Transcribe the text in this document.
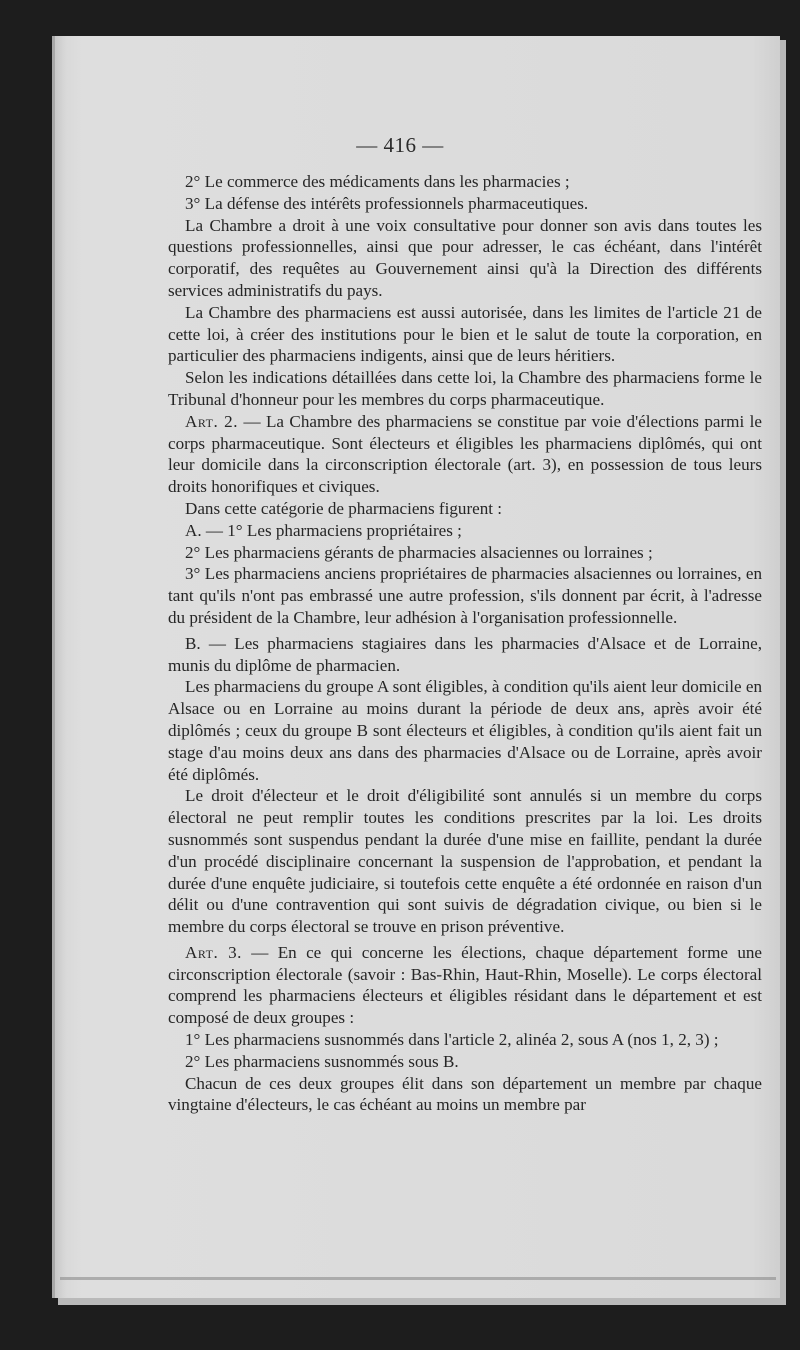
— 416 —

2° Le commerce des médicaments dans les pharmacies ;

3° La défense des intérêts professionnels pharmaceutiques.

La Chambre a droit à une voix consultative pour donner son avis dans toutes les questions professionnelles, ainsi que pour adresser, le cas échéant, dans l'intérêt corporatif, des requêtes au Gouvernement ainsi qu'à la Direction des différents services administratifs du pays.

La Chambre des pharmaciens est aussi autorisée, dans les limites de l'article 21 de cette loi, à créer des institutions pour le bien et le salut de toute la corporation, en particulier des pharmaciens indigents, ainsi que de leurs héritiers.

Selon les indications détaillées dans cette loi, la Chambre des pharmaciens forme le Tribunal d'honneur pour les membres du corps pharmaceutique.

Art. 2. — La Chambre des pharmaciens se constitue par voie d'élections parmi le corps pharmaceutique. Sont électeurs et éligibles les pharmaciens diplômés, qui ont leur domicile dans la circonscription électorale (art. 3), en possession de tous leurs droits honorifiques et civiques.

Dans cette catégorie de pharmaciens figurent :

A. — 1° Les pharmaciens propriétaires ;

2° Les pharmaciens gérants de pharmacies alsaciennes ou lorraines ;

3° Les pharmaciens anciens propriétaires de pharmacies alsaciennes ou lorraines, en tant qu'ils n'ont pas embrassé une autre profession, s'ils donnent par écrit, à l'adresse du président de la Chambre, leur adhésion à l'organisation professionnelle.

B. — Les pharmaciens stagiaires dans les pharmacies d'Alsace et de Lorraine, munis du diplôme de pharmacien.

Les pharmaciens du groupe A sont éligibles, à condition qu'ils aient leur domicile en Alsace ou en Lorraine au moins durant la période de deux ans, après avoir été diplômés ; ceux du groupe B sont électeurs et éligibles, à condition qu'ils aient fait un stage d'au moins deux ans dans des pharmacies d'Alsace ou de Lorraine, après avoir été diplômés.

Le droit d'électeur et le droit d'éligibilité sont annulés si un membre du corps électoral ne peut remplir toutes les conditions prescrites par la loi. Les droits susnommés sont suspendus pendant la durée d'une mise en faillite, pendant la durée d'un procédé disciplinaire concernant la suspension de l'approbation, et pendant la durée d'une enquête judiciaire, si toutefois cette enquête a été ordonnée en raison d'un délit ou d'une contravention qui sont suivis de dégradation civique, ou bien si le membre du corps électoral se trouve en prison préventive.

Art. 3. — En ce qui concerne les élections, chaque département forme une circonscription électorale (savoir : Bas-Rhin, Haut-Rhin, Moselle). Le corps électoral comprend les pharmaciens électeurs et éligibles résidant dans le département et est composé de deux groupes :

1° Les pharmaciens susnommés dans l'article 2, alinéa 2, sous A (nos 1, 2, 3) ;

2° Les pharmaciens susnommés sous B.

Chacun de ces deux groupes élit dans son département un membre par chaque vingtaine d'électeurs, le cas échéant au moins un membre par
